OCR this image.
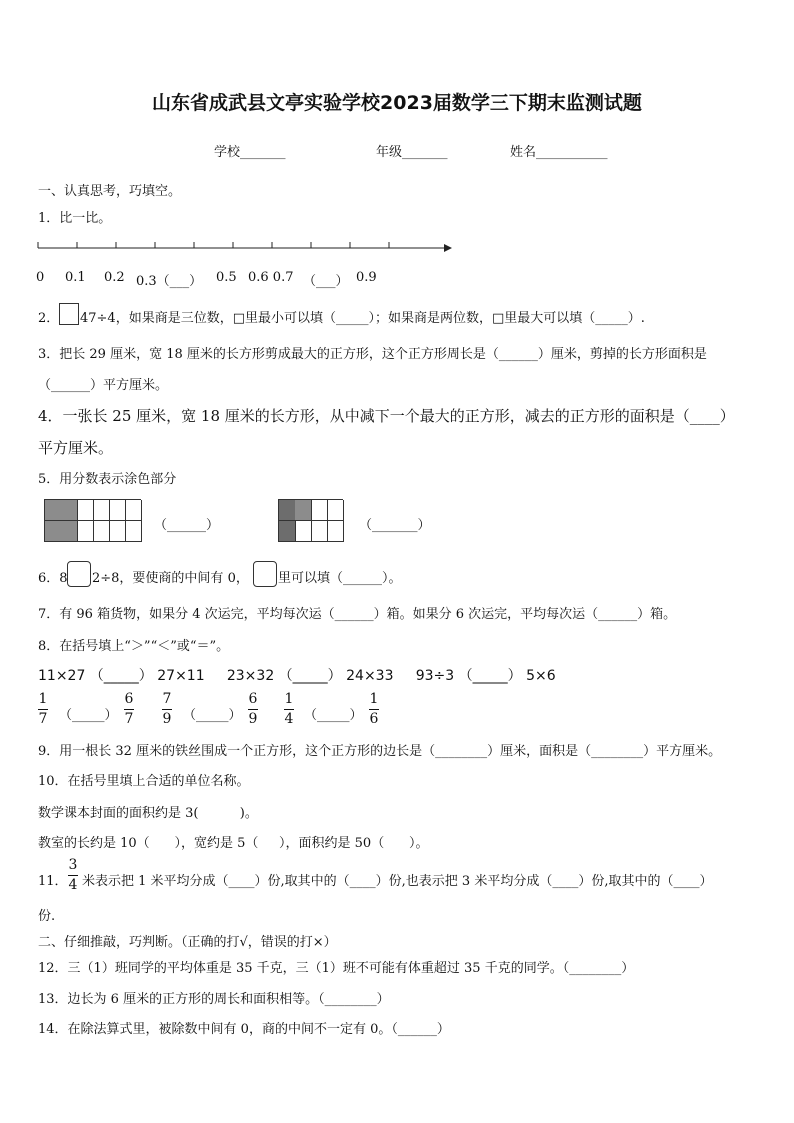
山东省成武县文亭实验学校2023届数学三下期末监测试题
学校_______	年级_______	姓名___________
一、认真思考，巧填空。
1．比一比。
0 0.1 0.2 0.3（___） 0.5 0.6 0.7 （___） 0.9
2． 47÷4，如果商是三位数，□里最小可以填（_____）；如果商是两位数，□里最大可以填（_____）.
3．把长 29 厘米，宽 18 厘米的长方形剪成最大的正方形，这个正方形周长是（______）厘米，剪掉的长方形面积是
（______）平方厘米。
4．一张长 25 厘米，宽 18 厘米的长方形，从中减下一个最大的正方形，减去的正方形的面积是（____）
平方厘米。
5．用分数表示涂色部分
（______）	（_______）
6．8 2÷8，要使商的中间有 0， 里可以填（______）。
7．有 96 箱货物，如果分 4 次运完，平均每次运（______）箱。如果分 6 次运完，平均每次运（______）箱。
8．在括号填上“＞”“＜”或“＝”。
11×27 （_____） 27×11     23×32 （_____） 24×33     93÷3 （_____） 5×6
1
7 （_____）
6
7
7
9 （_____）
6
9
1
4 （_____）
1
6
9．用一根长 32 厘米的铁丝围成一个正方形，这个正方形的边长是（________）厘米，面积是（________）平方厘米。
10．在括号里填上合适的单位名称。
数学课本封面的面积约是 3(          )。
教室的长约是 10（      ），宽约是 5（     ），面积约是 50（      ）。
11．
3
4 米表示把 1 米平均分成（____）份,取其中的（____）份,也表示把 3 米平均分成（____）份,取其中的（____）
份.
二、仔细推敲，巧判断。（正确的打√，错误的打×）
12．三（1）班同学的平均体重是 35 千克，三（1）班不可能有体重超过 35 千克的同学。（________）
13．边长为 6 厘米的正方形的周长和面积相等。（________）
14．在除法算式里，被除数中间有 0，商的中间不一定有 0。（______）
